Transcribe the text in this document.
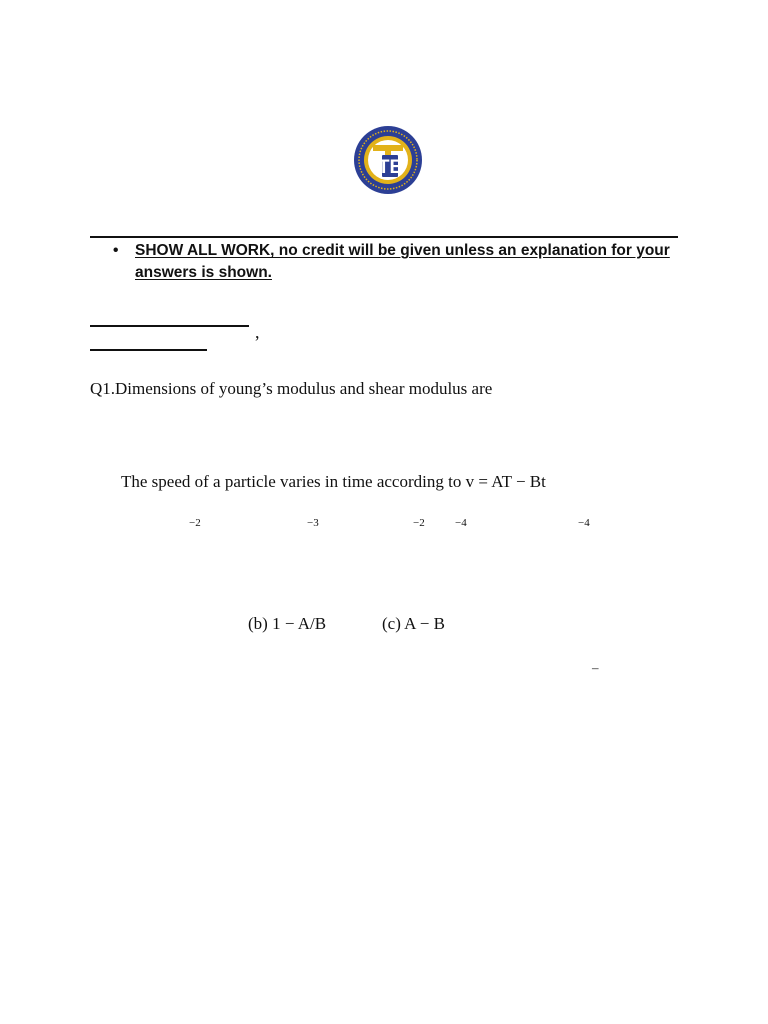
TE
• SHOW ALL WORK, no credit will be given unless an explanation for your answers is shown.
,
Q1.Dimensions of young’s modulus and shear modulus are
The speed of a particle varies in time according to v = AT − Bt
−2	−3	−2	−4	−4
(b) 1 − A/B	(c) A − B
–
